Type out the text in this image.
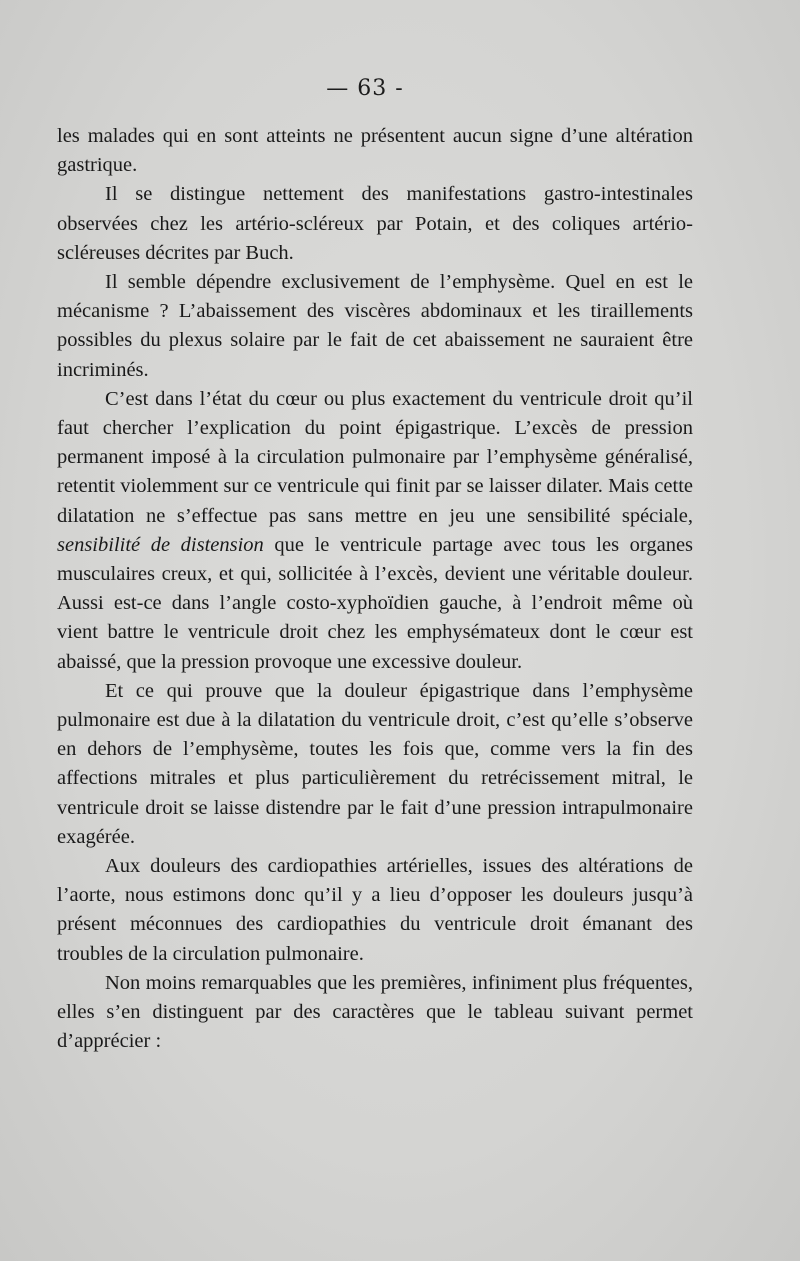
— 63 -

les malades qui en sont atteints ne présentent aucun signe d’une altération gastrique.

Il se distingue nettement des manifestations gastro-intestinales observées chez les artério-scléreux par Potain, et des coliques artério-scléreuses décrites par Buch.

Il semble dépendre exclusivement de l’emphysème. Quel en est le mécanisme ? L’abaissement des viscères abdominaux et les tiraillements possibles du plexus solaire par le fait de cet abaissement ne sauraient être incriminés.

C’est dans l’état du cœur ou plus exactement du ventricule droit qu’il faut chercher l’explication du point épigastrique. L’excès de pression permanent imposé à la circulation pulmonaire par l’emphysème généralisé, retentit violemment sur ce ventricule qui finit par se laisser dilater. Mais cette dilatation ne s’effectue pas sans mettre en jeu une sensibilité spéciale, sensibilité de distension que le ventricule partage avec tous les organes musculaires creux, et qui, sollicitée à l’excès, devient une véritable douleur. Aussi est-ce dans l’angle costo-xyphoïdien gauche, à l’endroit même où vient battre le ventricule droit chez les emphysémateux dont le cœur est abaissé, que la pression provoque une excessive douleur.

Et ce qui prouve que la douleur épigastrique dans l’emphysème pulmonaire est due à la dilatation du ventricule droit, c’est qu’elle s’observe en dehors de l’emphysème, toutes les fois que, comme vers la fin des affections mitrales et plus particulièrement du retrécissement mitral, le ventricule droit se laisse distendre par le fait d’une pression intrapulmonaire exagérée.

Aux douleurs des cardiopathies artérielles, issues des altérations de l’aorte, nous estimons donc qu’il y a lieu d’opposer les douleurs jusqu’à présent méconnues des cardiopathies du ventricule droit émanant des troubles de la circulation pulmonaire.

Non moins remarquables que les premières, infiniment plus fréquentes, elles s’en distinguent par des caractères que le tableau suivant permet d’apprécier :
